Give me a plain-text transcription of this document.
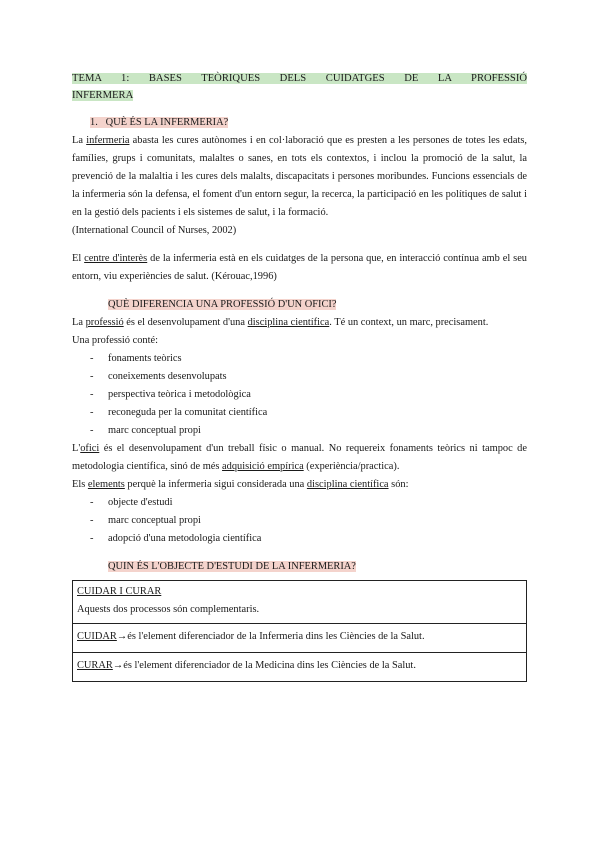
TEMA 1: BASES TEÒRIQUES DELS CUIDATGES DE LA PROFESSIÓ

INFERMERA

1. QUÈ ÉS LA INFERMERIA?

La infermeria abasta les cures autònomes i en col·laboració que es presten a les persones de totes les edats, famílies, grups i comunitats, malaltes o sanes, en tots els contextos, i inclou la promoció de la salut, la prevenció de la malaltia i les cures dels malalts, discapacitats i persones moribundes. Funcions essencials de la infermeria són la defensa, el foment d'un entorn segur, la recerca, la participació en les polítiques de salut i en la gestió dels pacients i els sistemes de salut, i la formació.

(International Council of Nurses, 2002)

El centre d'interès de la infermeria està en els cuidatges de la persona que, en interacció contínua amb el seu entorn, viu experiències de salut. (Kérouac,1996)

QUÈ DIFERENCIA UNA PROFESSIÓ D'UN OFICI?

La professió és el desenvolupament d'una disciplina científica. Té un context, un marc, precisament.

Una professió conté:

- fonaments teòrics
- coneixements desenvolupats
- perspectiva teòrica i metodològica
- reconeguda per la comunitat científica
- marc conceptual propi

L'ofici és el desenvolupament d'un treball físic o manual. No requereix fonaments teòrics ni tampoc de metodologia científica, sinó de més adquisició empírica (experiència/practica).

Els elements perquè la infermeria sigui considerada una disciplina científica són:

- objecte d'estudi
- marc conceptual propi
- adopció d'una metodologia científica

QUIN ÉS L'OBJECTE D'ESTUDI DE LA INFERMERIA?

CUIDAR I CURAR
Aquests dos processos són complementaris.
CUIDAR→és l'element diferenciador de la Infermeria dins les Ciències de la Salut.
CURAR→és l'element diferenciador de la Medicina dins les Ciències de la Salut.
